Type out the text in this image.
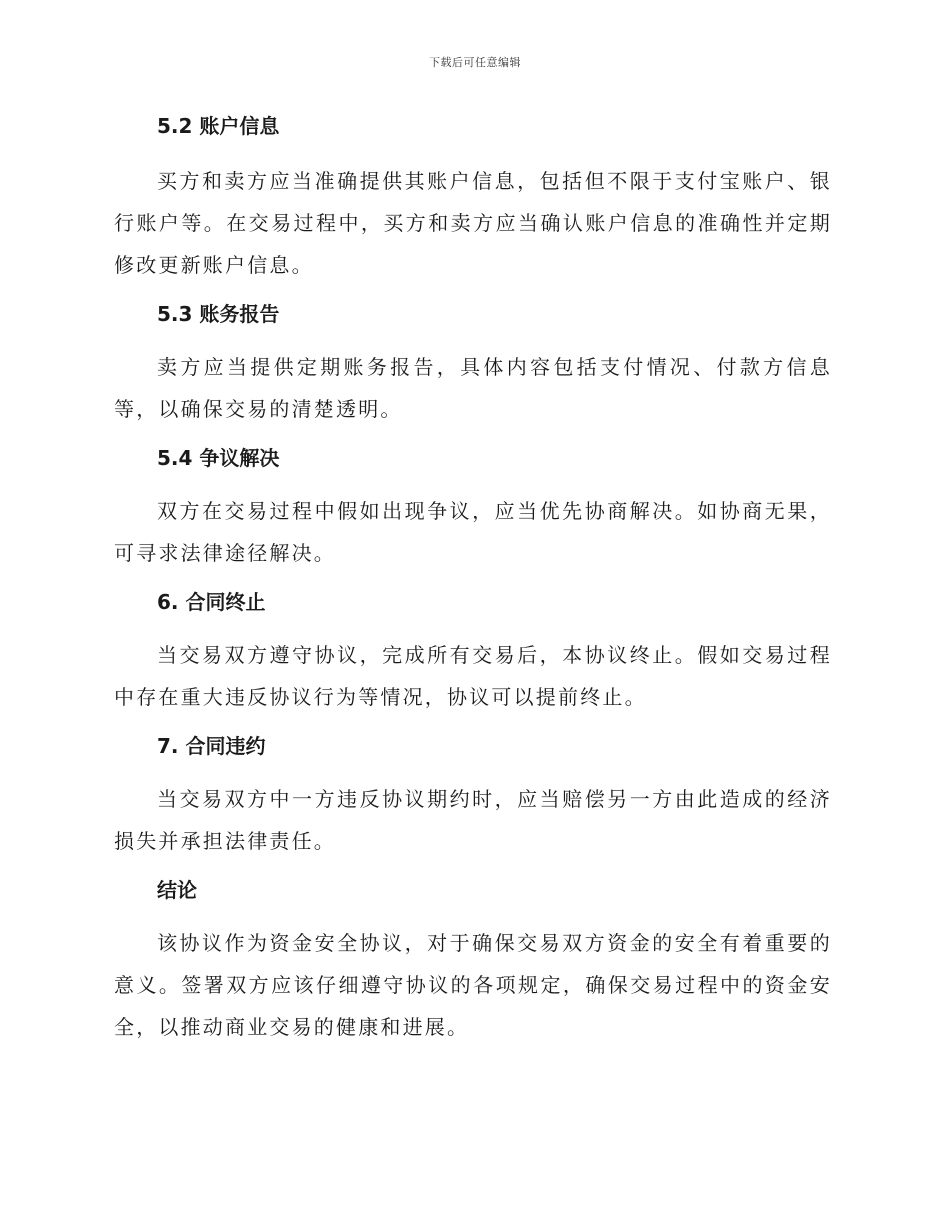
下载后可任意编辑
5.2 账户信息

买方和卖方应当准确提供其账户信息，包括但不限于支付宝账户、银行账户等。在交易过程中，买方和卖方应当确认账户信息的准确性并定期修改更新账户信息。

5.3 账务报告

卖方应当提供定期账务报告，具体内容包括支付情况、付款方信息等，以确保交易的清楚透明。

5.4 争议解决

双方在交易过程中假如出现争议，应当优先协商解决。如协商无果，可寻求法律途径解决。

6. 合同终止

当交易双方遵守协议，完成所有交易后，本协议终止。假如交易过程中存在重大违反协议行为等情况，协议可以提前终止。

7. 合同违约

当交易双方中一方违反协议期约时，应当赔偿另一方由此造成的经济损失并承担法律责任。

结论

该协议作为资金安全协议，对于确保交易双方资金的安全有着重要的意义。签署双方应该仔细遵守协议的各项规定，确保交易过程中的资金安全，以推动商业交易的健康和进展。
